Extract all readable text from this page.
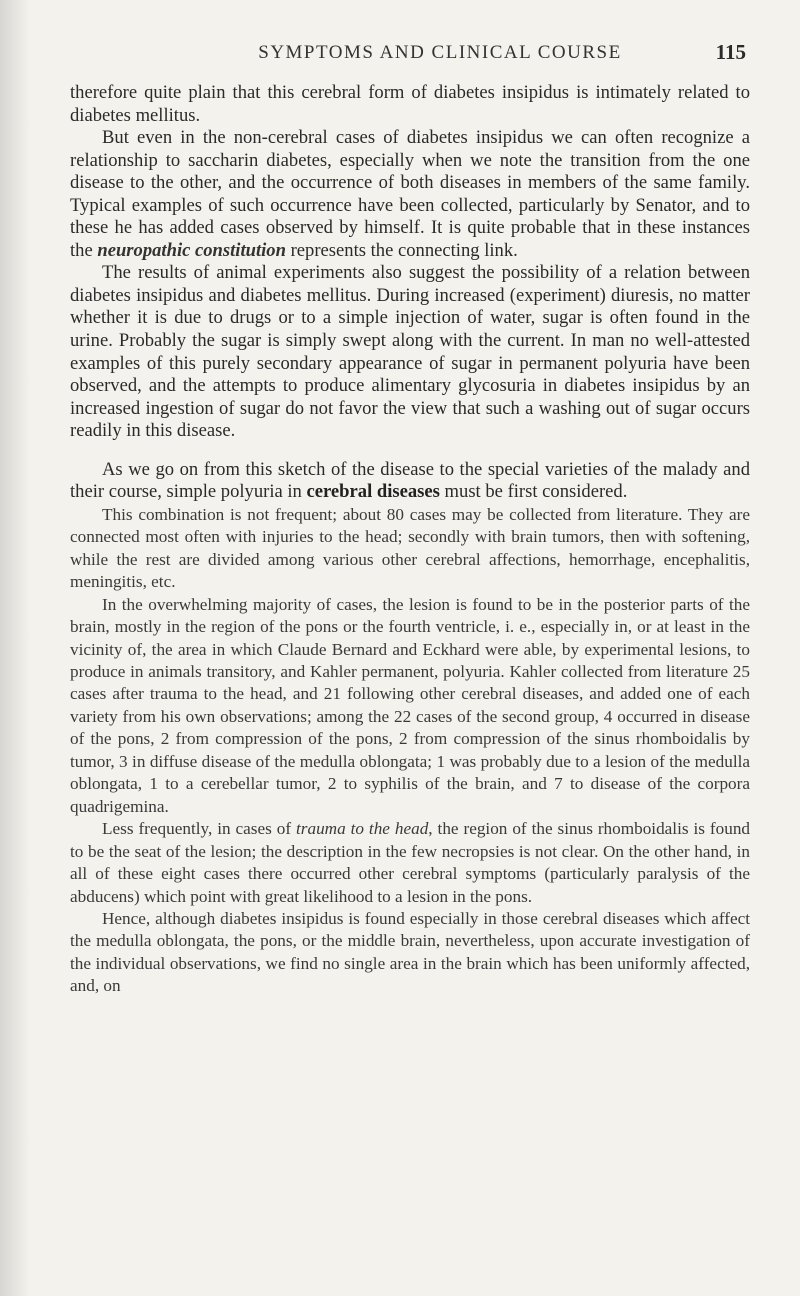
SYMPTOMS AND CLINICAL COURSE	115

therefore quite plain that this cerebral form of diabetes insipidus is intimately related to diabetes mellitus.

But even in the non-cerebral cases of diabetes insipidus we can often recognize a relationship to saccharin diabetes, especially when we note the transition from the one disease to the other, and the occurrence of both diseases in members of the same family. Typical examples of such occurrence have been collected, particularly by Senator, and to these he has added cases observed by himself. It is quite probable that in these instances the neuropathic constitution represents the connecting link.

The results of animal experiments also suggest the possibility of a relation between diabetes insipidus and diabetes mellitus. During increased (experiment) diuresis, no matter whether it is due to drugs or to a simple injection of water, sugar is often found in the urine. Probably the sugar is simply swept along with the current. In man no well-attested examples of this purely secondary appearance of sugar in permanent polyuria have been observed, and the attempts to produce alimentary glycosuria in diabetes insipidus by an increased ingestion of sugar do not favor the view that such a washing out of sugar occurs readily in this disease.

As we go on from this sketch of the disease to the special varieties of the malady and their course, simple polyuria in cerebral diseases must be first considered.

This combination is not frequent; about 80 cases may be collected from literature. They are connected most often with injuries to the head; secondly with brain tumors, then with softening, while the rest are divided among various other cerebral affections, hemorrhage, encephalitis, meningitis, etc.

In the overwhelming majority of cases, the lesion is found to be in the posterior parts of the brain, mostly in the region of the pons or the fourth ventricle, i. e., especially in, or at least in the vicinity of, the area in which Claude Bernard and Eckhard were able, by experimental lesions, to produce in animals transitory, and Kahler permanent, polyuria. Kahler collected from literature 25 cases after trauma to the head, and 21 following other cerebral diseases, and added one of each variety from his own observations; among the 22 cases of the second group, 4 occurred in disease of the pons, 2 from compression of the pons, 2 from compression of the sinus rhomboidalis by tumor, 3 in diffuse disease of the medulla oblongata; 1 was probably due to a lesion of the medulla oblongata, 1 to a cerebellar tumor, 2 to syphilis of the brain, and 7 to disease of the corpora quadrigemina.

Less frequently, in cases of trauma to the head, the region of the sinus rhomboidalis is found to be the seat of the lesion; the description in the few necropsies is not clear. On the other hand, in all of these eight cases there occurred other cerebral symptoms (particularly paralysis of the abducens) which point with great likelihood to a lesion in the pons.

Hence, although diabetes insipidus is found especially in those cerebral diseases which affect the medulla oblongata, the pons, or the middle brain, nevertheless, upon accurate investigation of the individual observations, we find no single area in the brain which has been uniformly affected, and, on
